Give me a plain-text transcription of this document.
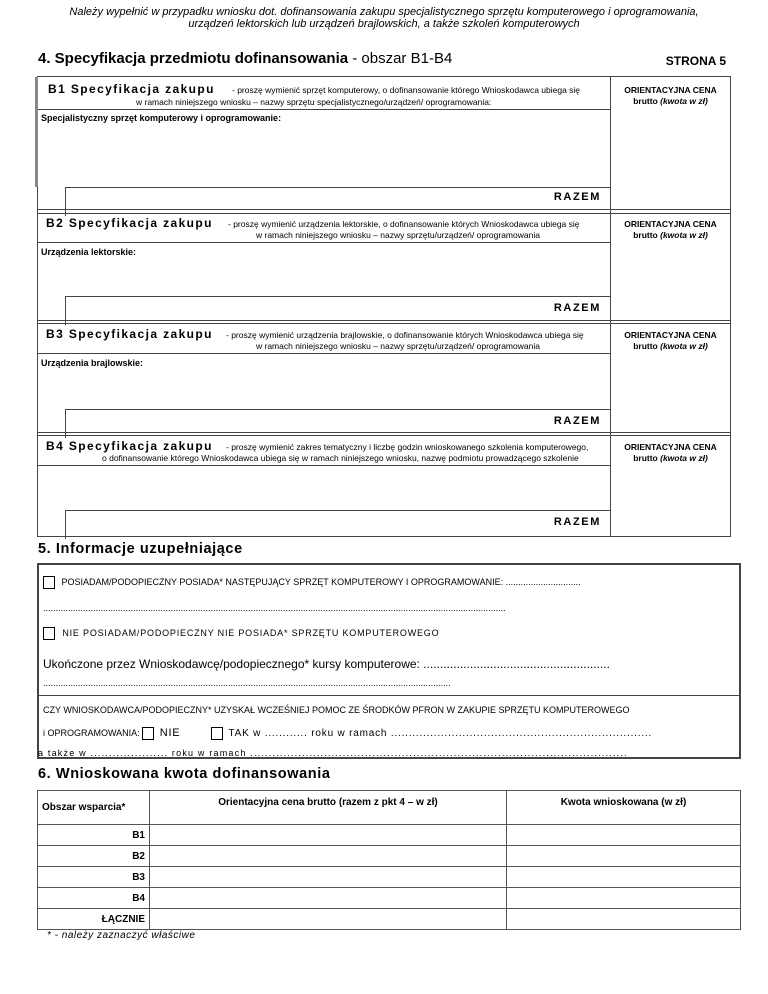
Należy wypełnić w przypadku wniosku dot. dofinansowania zakupu specjalistycznego sprzętu komputerowego i oprogramowania,
urządzeń lektorskich lub urządzeń brajlowskich, a także szkoleń komputerowych
4. Specyfikacja przedmiotu dofinansowania - obszar B1-B4	STRONA 5
B1 Specyfikacja zakupu - proszę wymienić sprzęt komputerowy, o dofinansowanie którego Wnioskodawca ubiega się
w ramach niniejszego wniosku – nazwy sprzętu specjalistycznego/urządzeń/ oprogramowania:
ORIENTACYJNA CENA
brutto (kwota w zł)
Specjalistyczny sprzęt komputerowy i oprogramowanie:
RAZEM
B2 Specyfikacja zakupu - proszę wymienić urządzenia lektorskie, o dofinansowanie których Wnioskodawca ubiega się
w ramach niniejszego wniosku – nazwy sprzętu/urządzeń/ oprogramowania
ORIENTACYJNA CENA
brutto (kwota w zł)
Urządzenia lektorskie:
RAZEM
B3 Specyfikacja zakupu - proszę wymienić urządzenia brajlowskie, o dofinansowanie których Wnioskodawca ubiega się
w ramach niniejszego wniosku – nazwy sprzętu/urządzeń/ oprogramowania
ORIENTACYJNA CENA
brutto (kwota w zł)
Urządzenia brajlowskie:
RAZEM
B4 Specyfikacja zakupu - proszę wymienić zakres tematyczny i liczbę godzin wnioskowanego szkolenia komputerowego,
o dofinansowanie którego Wnioskodawca ubiega się w ramach niniejszego wniosku, nazwę podmiotu prowadzącego szkolenie
ORIENTACYJNA CENA
brutto (kwota w zł)
RAZEM
5. Informacje uzupełniające
POSIADAM/PODOPIECZNY POSIADA* NASTĘPUJĄCY SPRZĘT KOMPUTEROWY I OPROGRAMOWANIE: ..............................
.........................................................................................................................................................................................
NIE POSIADAM/PODOPIECZNY NIE POSIADA* SPRZĘTU KOMPUTEROWEGO
Ukończone przez Wnioskodawcę/podopiecznego* kursy komputerowe: ........................................................
...................................................................................................................................................................
CZY WNIOSKODAWCA/PODOPIECZNY* UZYSKAŁ WCZEŚNIEJ POMOC ZE ŚRODKÓW PFRON W ZAKUPIE SPRZĘTU KOMPUTEROWEGO
i OPROGRAMOWANIA: NIE	TAK w ............ roku w ramach .........................................................................
a także w ..................... roku w ramach ......................................................................................................
6. Wnioskowana kwota dofinansowania
Obszar wsparcia*	Orientacyjna cena brutto (razem z pkt 4 – w zł)	Kwota wnioskowana (w zł)
B1		
B2		
B3		
B4		
ŁĄCZNIE		
* - należy zaznaczyć właściwe
